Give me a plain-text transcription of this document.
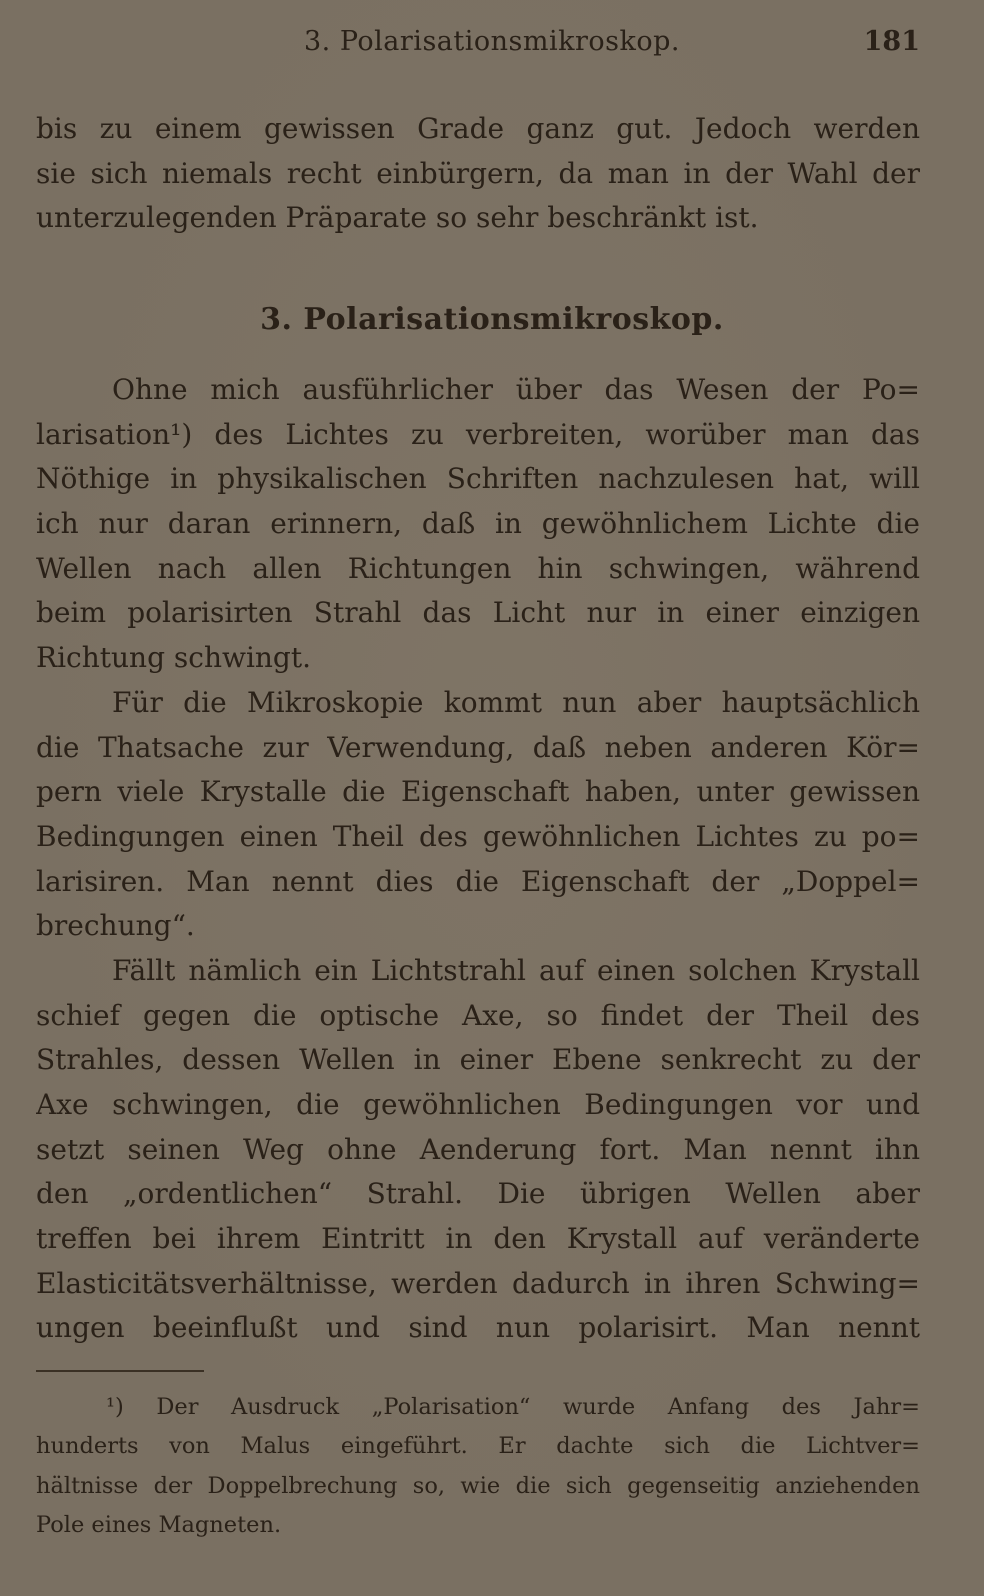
3. Polarisationsmikroskop.	181
bis zu einem gewissen Grade ganz gut. Jedoch werden
sie sich niemals recht einbürgern, da man in der Wahl der
unterzulegenden Präparate so sehr beschränkt ist.
3. Polarisationsmikroskop.
Ohne mich ausführlicher über das Wesen der Po=
larisation¹) des Lichtes zu verbreiten, worüber man das
Nöthige in physikalischen Schriften nachzulesen hat, will
ich nur daran erinnern, daß in gewöhnlichem Lichte die
Wellen nach allen Richtungen hin schwingen, während
beim polarisirten Strahl das Licht nur in einer einzigen
Richtung schwingt.
Für die Mikroskopie kommt nun aber hauptsächlich
die Thatsache zur Verwendung, daß neben anderen Kör=
pern viele Krystalle die Eigenschaft haben, unter gewissen
Bedingungen einen Theil des gewöhnlichen Lichtes zu po=
larisiren. Man nennt dies die Eigenschaft der „Doppel=
brechung“.
Fällt nämlich ein Lichtstrahl auf einen solchen Krystall
schief gegen die optische Axe, so findet der Theil des
Strahles, dessen Wellen in einer Ebene senkrecht zu der
Axe schwingen, die gewöhnlichen Bedingungen vor und
setzt seinen Weg ohne Aenderung fort. Man nennt ihn
den „ordentlichen“ Strahl. Die übrigen Wellen aber
treffen bei ihrem Eintritt in den Krystall auf veränderte
Elasticitätsverhältnisse, werden dadurch in ihren Schwing=
ungen beeinflußt und sind nun polarisirt. Man nennt
¹) Der Ausdruck „Polarisation“ wurde Anfang des Jahr=
hunderts von Malus eingeführt. Er dachte sich die Lichtver=
hältnisse der Doppelbrechung so, wie die sich gegenseitig anziehenden
Pole eines Magneten.
